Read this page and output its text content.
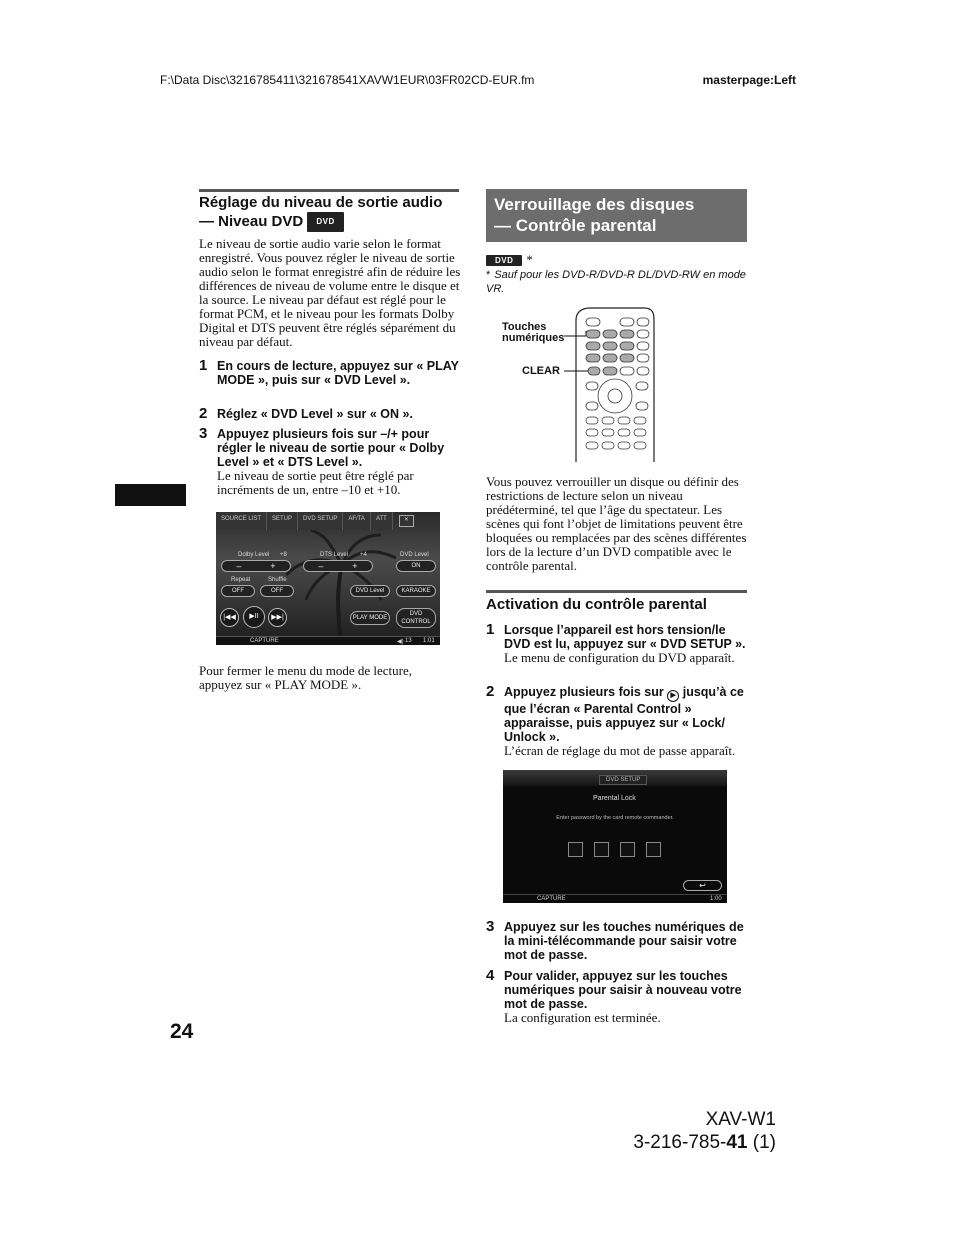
F:\Data Disc\3216785411\321678541XAVW1EUR\03FR02CD-EUR.fm	masterpage:Left
Réglage du niveau de sortie audio
— Niveau DVD DVD

Le niveau de sortie audio varie selon le format enregistré. Vous pouvez régler le niveau de sortie audio selon le format enregistré afin de réduire les différences de niveau de volume entre le disque et la source. Le niveau par défaut est réglé pour le format PCM, et le niveau pour les formats Dolby Digital et DTS peuvent être réglés séparément du niveau par défaut.

1 En cours de lecture, appuyez sur « PLAY MODE », puis sur « DVD Level ».
2 Réglez « DVD Level » sur « ON ».
3 Appuyez plusieurs fois sur –/+ pour régler le niveau de sortie pour « Dolby Level » et « DTS Level ».
Le niveau de sortie peut être réglé par incréments de un, entre –10 et +10.
SOURCE LIST	SETUP	DVD SETUP	AF/TA	ATT	✕
Dolby Level +8	DTS Level +4	DVD Level
–	+	–	+	ON
Repeat	Shuffle
OFF	OFF	DVD Level	KARAOKE
|◀◀	▶II	▶▶|	PLAY MODE
DVD
CONTROL
CAPTURE	◀) 13 1:01

Pour fermer le menu du mode de lecture, appuyez sur « PLAY MODE ».

Verrouillage des disques
— Contrôle parental
DVD *
* Sauf pour les DVD-R/DVD-R DL/DVD-RW en mode VR.
Touches
numériques
CLEAR

Vous pouvez verrouiller un disque ou définir des restrictions de lecture selon un niveau prédéterminé, tel que l’âge du spectateur. Les scènes qui font l’objet de limitations peuvent être bloquées ou remplacées par des scènes différentes lors de la lecture d’un DVD compatible avec le contrôle parental.

Activation du contrôle parental
1 Lorsque l’appareil est hors tension/le DVD est lu, appuyez sur « DVD SETUP ».
Le menu de configuration du DVD apparaît.
2 Appuyez plusieurs fois sur ▶ jusqu’à ce que l’écran « Parental Control » apparaisse, puis appuyez sur « Lock/ Unlock ».
L’écran de réglage du mot de passe apparaît.
DVD SETUP
Parental Lock
Enter password by the card remote commander.
↩
CAPTURE	1:00
3 Appuyez sur les touches numériques de la mini-télécommande pour saisir votre mot de passe.
4 Pour valider, appuyez sur les touches numériques pour saisir à nouveau votre mot de passe.
La configuration est terminée.
24
XAV-W1
3-216-785-41 (1)
